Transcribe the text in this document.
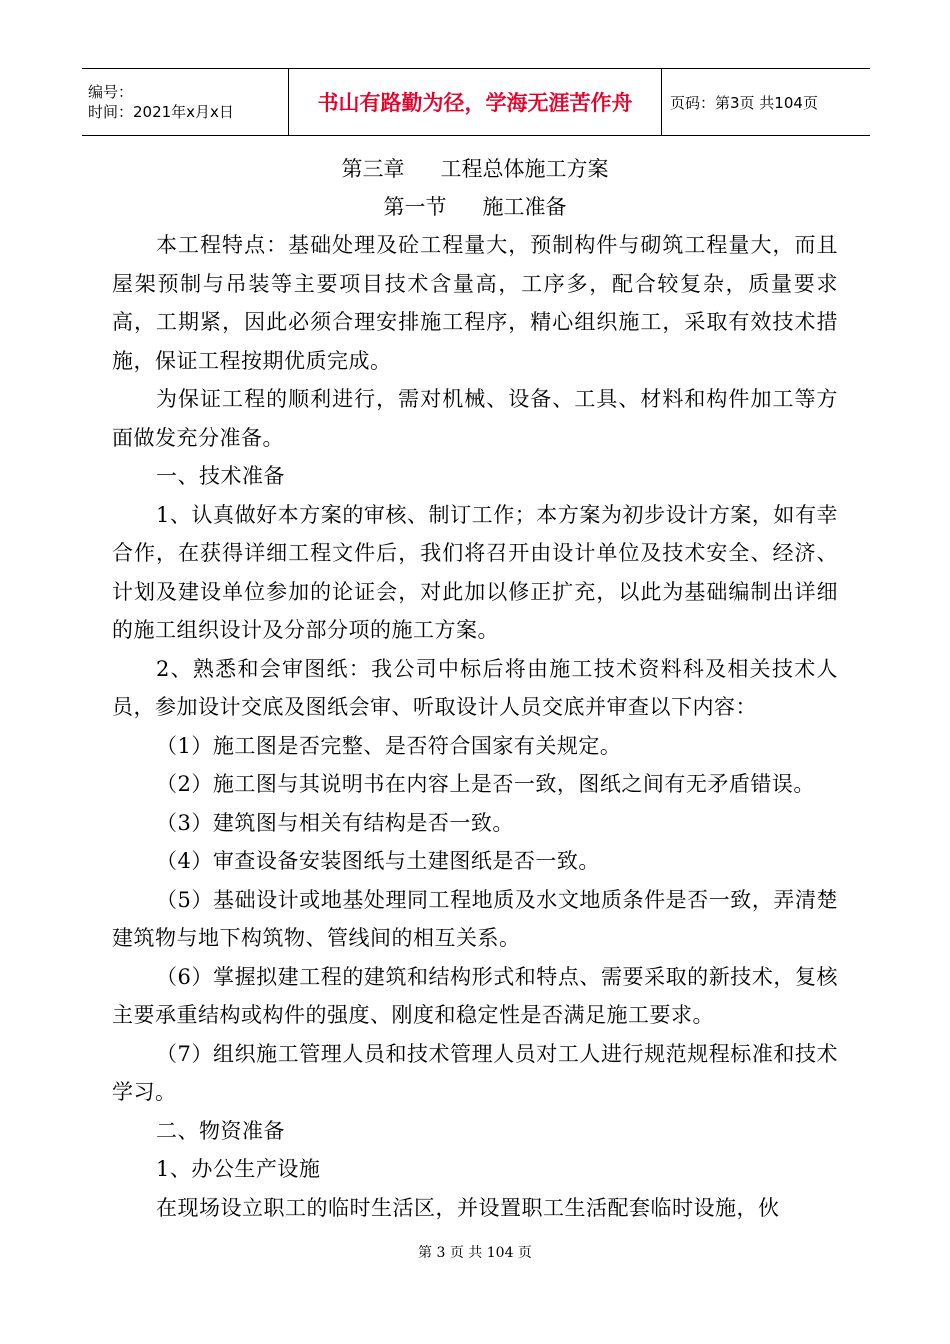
编号：
时间：2021年x月x日	书山有路勤为径，学海无涯苦作舟	页码：第3页 共104页
第三章 工程总体施工方案
第一节 施工准备

本工程特点：基础处理及砼工程量大，预制构件与砌筑工程量大，而且屋架预制与吊装等主要项目技术含量高，工序多，配合较复杂，质量要求高，工期紧，因此必须合理安排施工程序，精心组织施工，采取有效技术措施，保证工程按期优质完成。

为保证工程的顺利进行，需对机械、设备、工具、材料和构件加工等方面做发充分准备。

一、技术准备

1、认真做好本方案的审核、制订工作；本方案为初步设计方案，如有幸合作，在获得详细工程文件后，我们将召开由设计单位及技术安全、经济、计划及建设单位参加的论证会，对此加以修正扩充，以此为基础编制出详细的施工组织设计及分部分项的施工方案。

2、熟悉和会审图纸：我公司中标后将由施工技术资料科及相关技术人员，参加设计交底及图纸会审、听取设计人员交底并审查以下内容：

（1）施工图是否完整、是否符合国家有关规定。

（2）施工图与其说明书在内容上是否一致，图纸之间有无矛盾错误。

（3）建筑图与相关有结构是否一致。

（4）审查设备安装图纸与土建图纸是否一致。

（5）基础设计或地基处理同工程地质及水文地质条件是否一致，弄清楚建筑物与地下构筑物、管线间的相互关系。

（6）掌握拟建工程的建筑和结构形式和特点、需要采取的新技术，复核主要承重结构或构件的强度、刚度和稳定性是否满足施工要求。

（7）组织施工管理人员和技术管理人员对工人进行规范规程标准和技术学习。

二、物资准备

1、办公生产设施

在现场设立职工的临时生活区，并设置职工生活配套临时设施，伙

第 3 页 共 104 页
